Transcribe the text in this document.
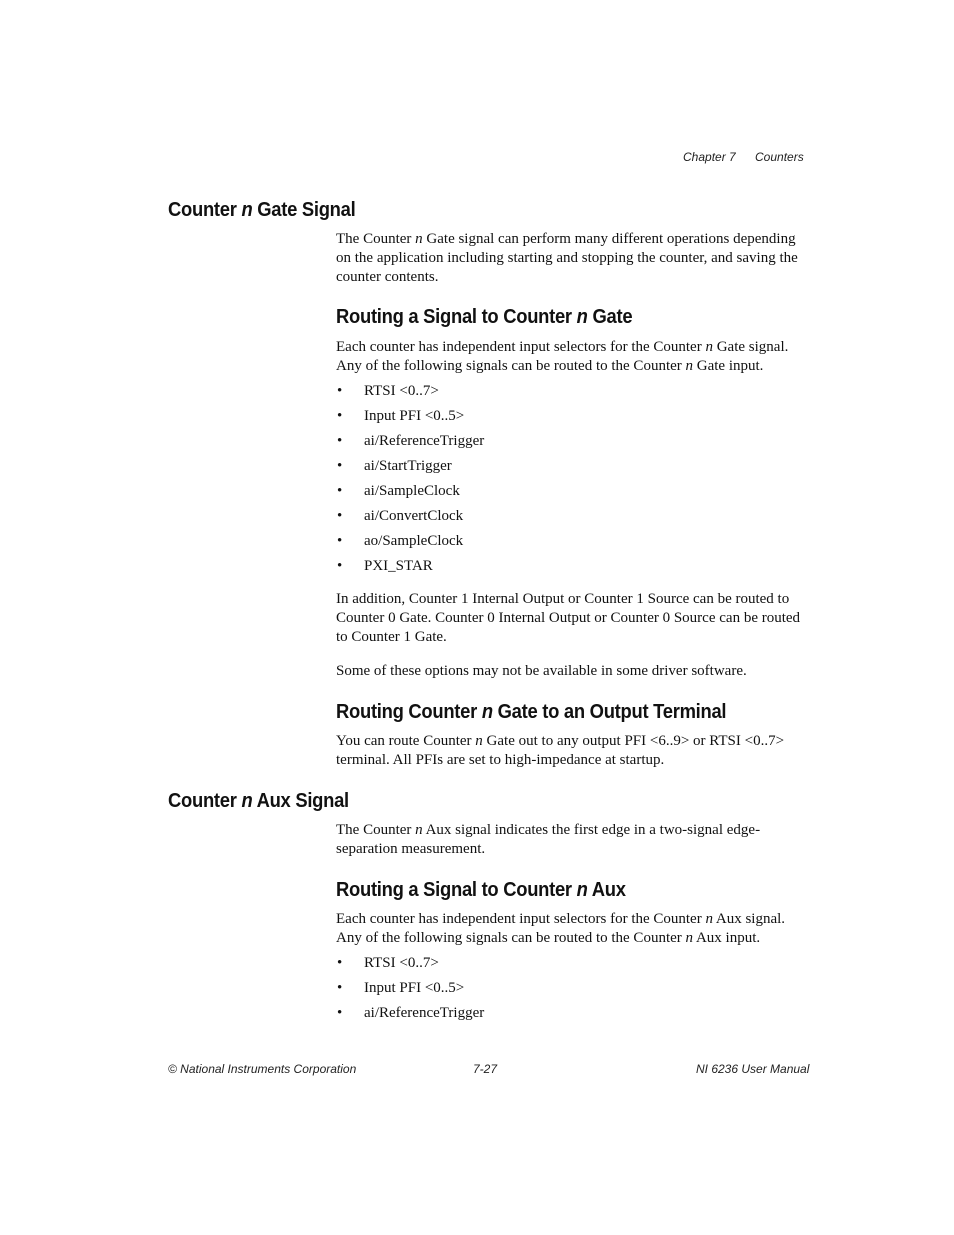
Chapter 7 Counters
Counter n Gate Signal

The Counter n Gate signal can perform many different operations depending on the application including starting and stopping the counter, and saving the counter contents.

Routing a Signal to Counter n Gate

Each counter has independent input selectors for the Counter n Gate signal. Any of the following signals can be routed to the Counter n Gate input.

• RTSI <0..7>
• Input PFI <0..5>
• ai/ReferenceTrigger
• ai/StartTrigger
• ai/SampleClock
• ai/ConvertClock
• ao/SampleClock
• PXI_STAR

In addition, Counter 1 Internal Output or Counter 1 Source can be routed to Counter 0 Gate. Counter 0 Internal Output or Counter 0 Source can be routed to Counter 1 Gate.

Some of these options may not be available in some driver software.

Routing Counter n Gate to an Output Terminal

You can route Counter n Gate out to any output PFI <6..9> or RTSI <0..7> terminal. All PFIs are set to high-impedance at startup.

Counter n Aux Signal

The Counter n Aux signal indicates the first edge in a two-signal edge-separation measurement.

Routing a Signal to Counter n Aux

Each counter has independent input selectors for the Counter n Aux signal. Any of the following signals can be routed to the Counter n Aux input.

• RTSI <0..7>
• Input PFI <0..5>
• ai/ReferenceTrigger
© National Instruments Corporation	7-27	NI 6236 User Manual
